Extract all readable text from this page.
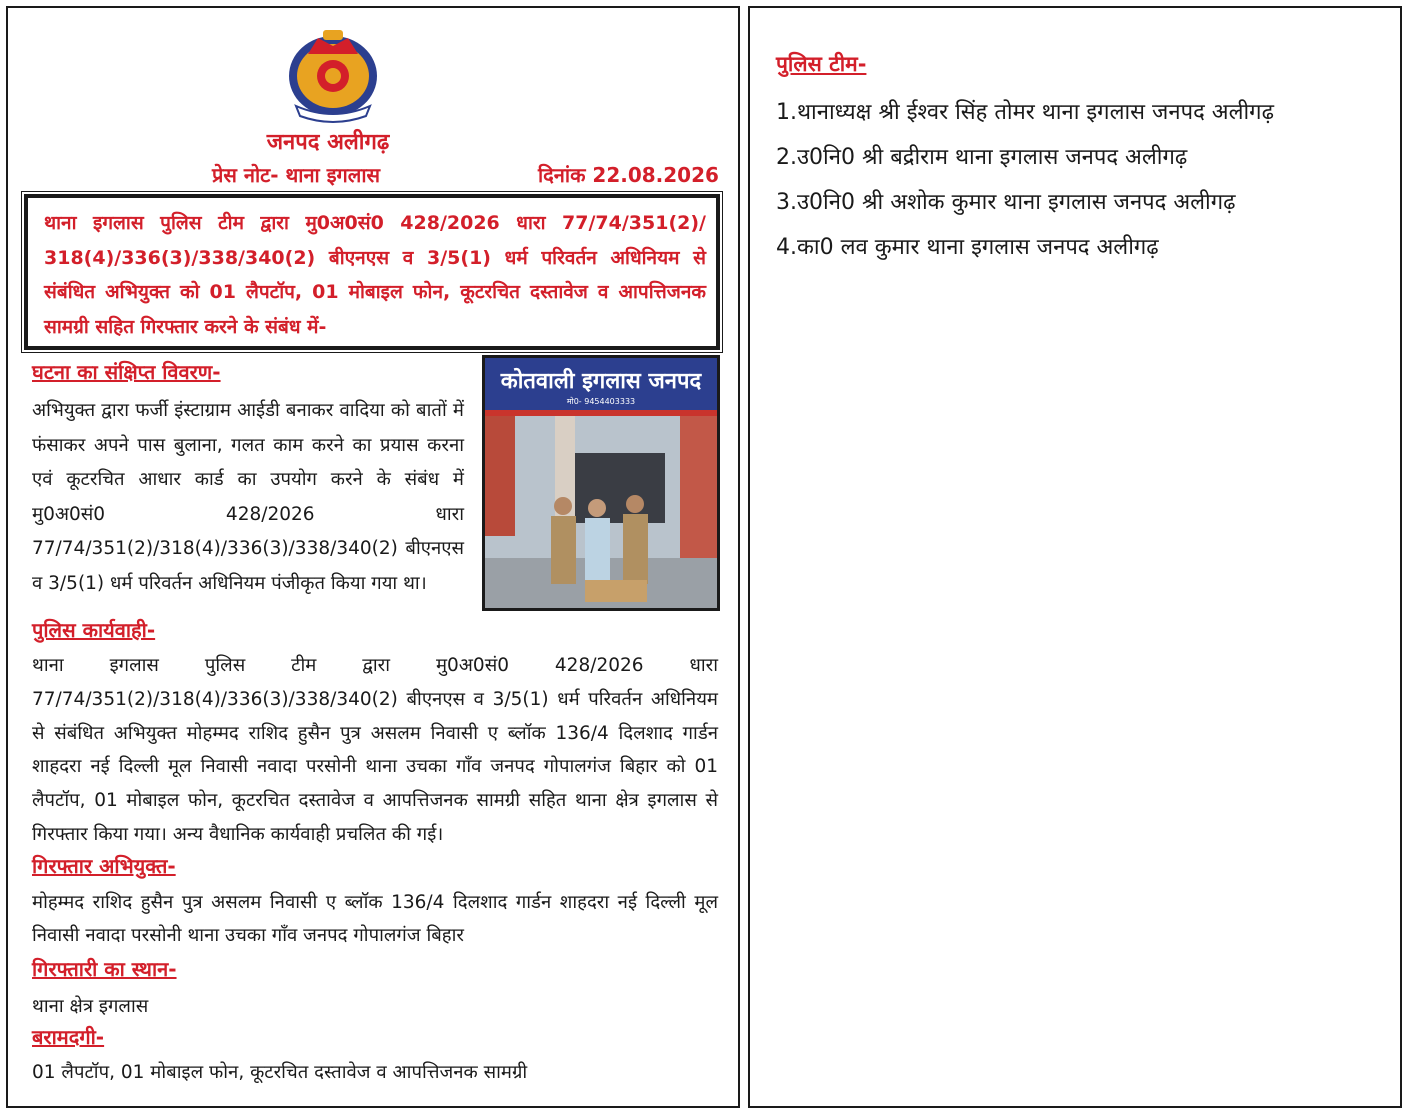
जनपद अलीगढ़
प्रेस नोट- थाना इगलास	दिनांक 22.08.2026
थाना इगलास पुलिस टीम द्वारा मु0अ0सं0 428/2026 धारा 77/74/351(2)/ 318(4)/336(3)/338/340(2) बीएनएस व 3/5(1) धर्म परिवर्तन अधिनियम से संबंधित अभियुक्त को 01 लैपटॉप, 01 मोबाइल फोन, कूटरचित दस्तावेज व आपत्तिजनक सामग्री सहित गिरफ्तार करने के संबंध में-
घटना का संक्षिप्त विवरण-
अभियुक्त द्वारा फर्जी इंस्टाग्राम आईडी बनाकर वादिया को बातों में फंसाकर अपने पास बुलाना, गलत काम करने का प्रयास करना एवं कूटरचित आधार कार्ड का उपयोग करने के संबंध में मु0अ0सं0 428/2026 धारा 77/74/351(2)/318(4)/336(3)/338/340(2) बीएनएस व 3/5(1) धर्म परिवर्तन अधिनियम पंजीकृत किया गया था।
कोतवाली इगलास जनपद
मो0- 9454403333
पुलिस कार्यवाही-
थाना इगलास पुलिस टीम द्वारा मु0अ0सं0 428/2026 धारा 77/74/351(2)/318(4)/336(3)/338/340(2) बीएनएस व 3/5(1) धर्म परिवर्तन अधिनियम से संबंधित अभियुक्त मोहम्मद राशिद हुसैन पुत्र असलम निवासी ए ब्लॉक 136/4 दिलशाद गार्डन शाहदरा नई दिल्ली मूल निवासी नवादा परसोनी थाना उचका गाँव जनपद गोपालगंज बिहार को 01 लैपटॉप, 01 मोबाइल फोन, कूटरचित दस्तावेज व आपत्तिजनक सामग्री सहित थाना क्षेत्र इगलास से गिरफ्तार किया गया। अन्य वैधानिक कार्यवाही प्रचलित की गई।
गिरफ्तार अभियुक्त-
मोहम्मद राशिद हुसैन पुत्र असलम निवासी ए ब्लॉक 136/4 दिलशाद गार्डन शाहदरा नई दिल्ली मूल निवासी नवादा परसोनी थाना उचका गाँव जनपद गोपालगंज बिहार
गिरफ्तारी का स्थान-
थाना क्षेत्र इगलास
बरामदगी-
01 लैपटॉप, 01 मोबाइल फोन, कूटरचित दस्तावेज व आपत्तिजनक सामग्री
पुलिस टीम-
1.थानाध्यक्ष श्री ईश्वर सिंह तोमर थाना इगलास जनपद अलीगढ़
2.उ0नि0 श्री बद्रीराम थाना इगलास जनपद अलीगढ़
3.उ0नि0 श्री अशोक कुमार थाना इगलास जनपद अलीगढ़
4.का0 लव कुमार थाना इगलास जनपद अलीगढ़
